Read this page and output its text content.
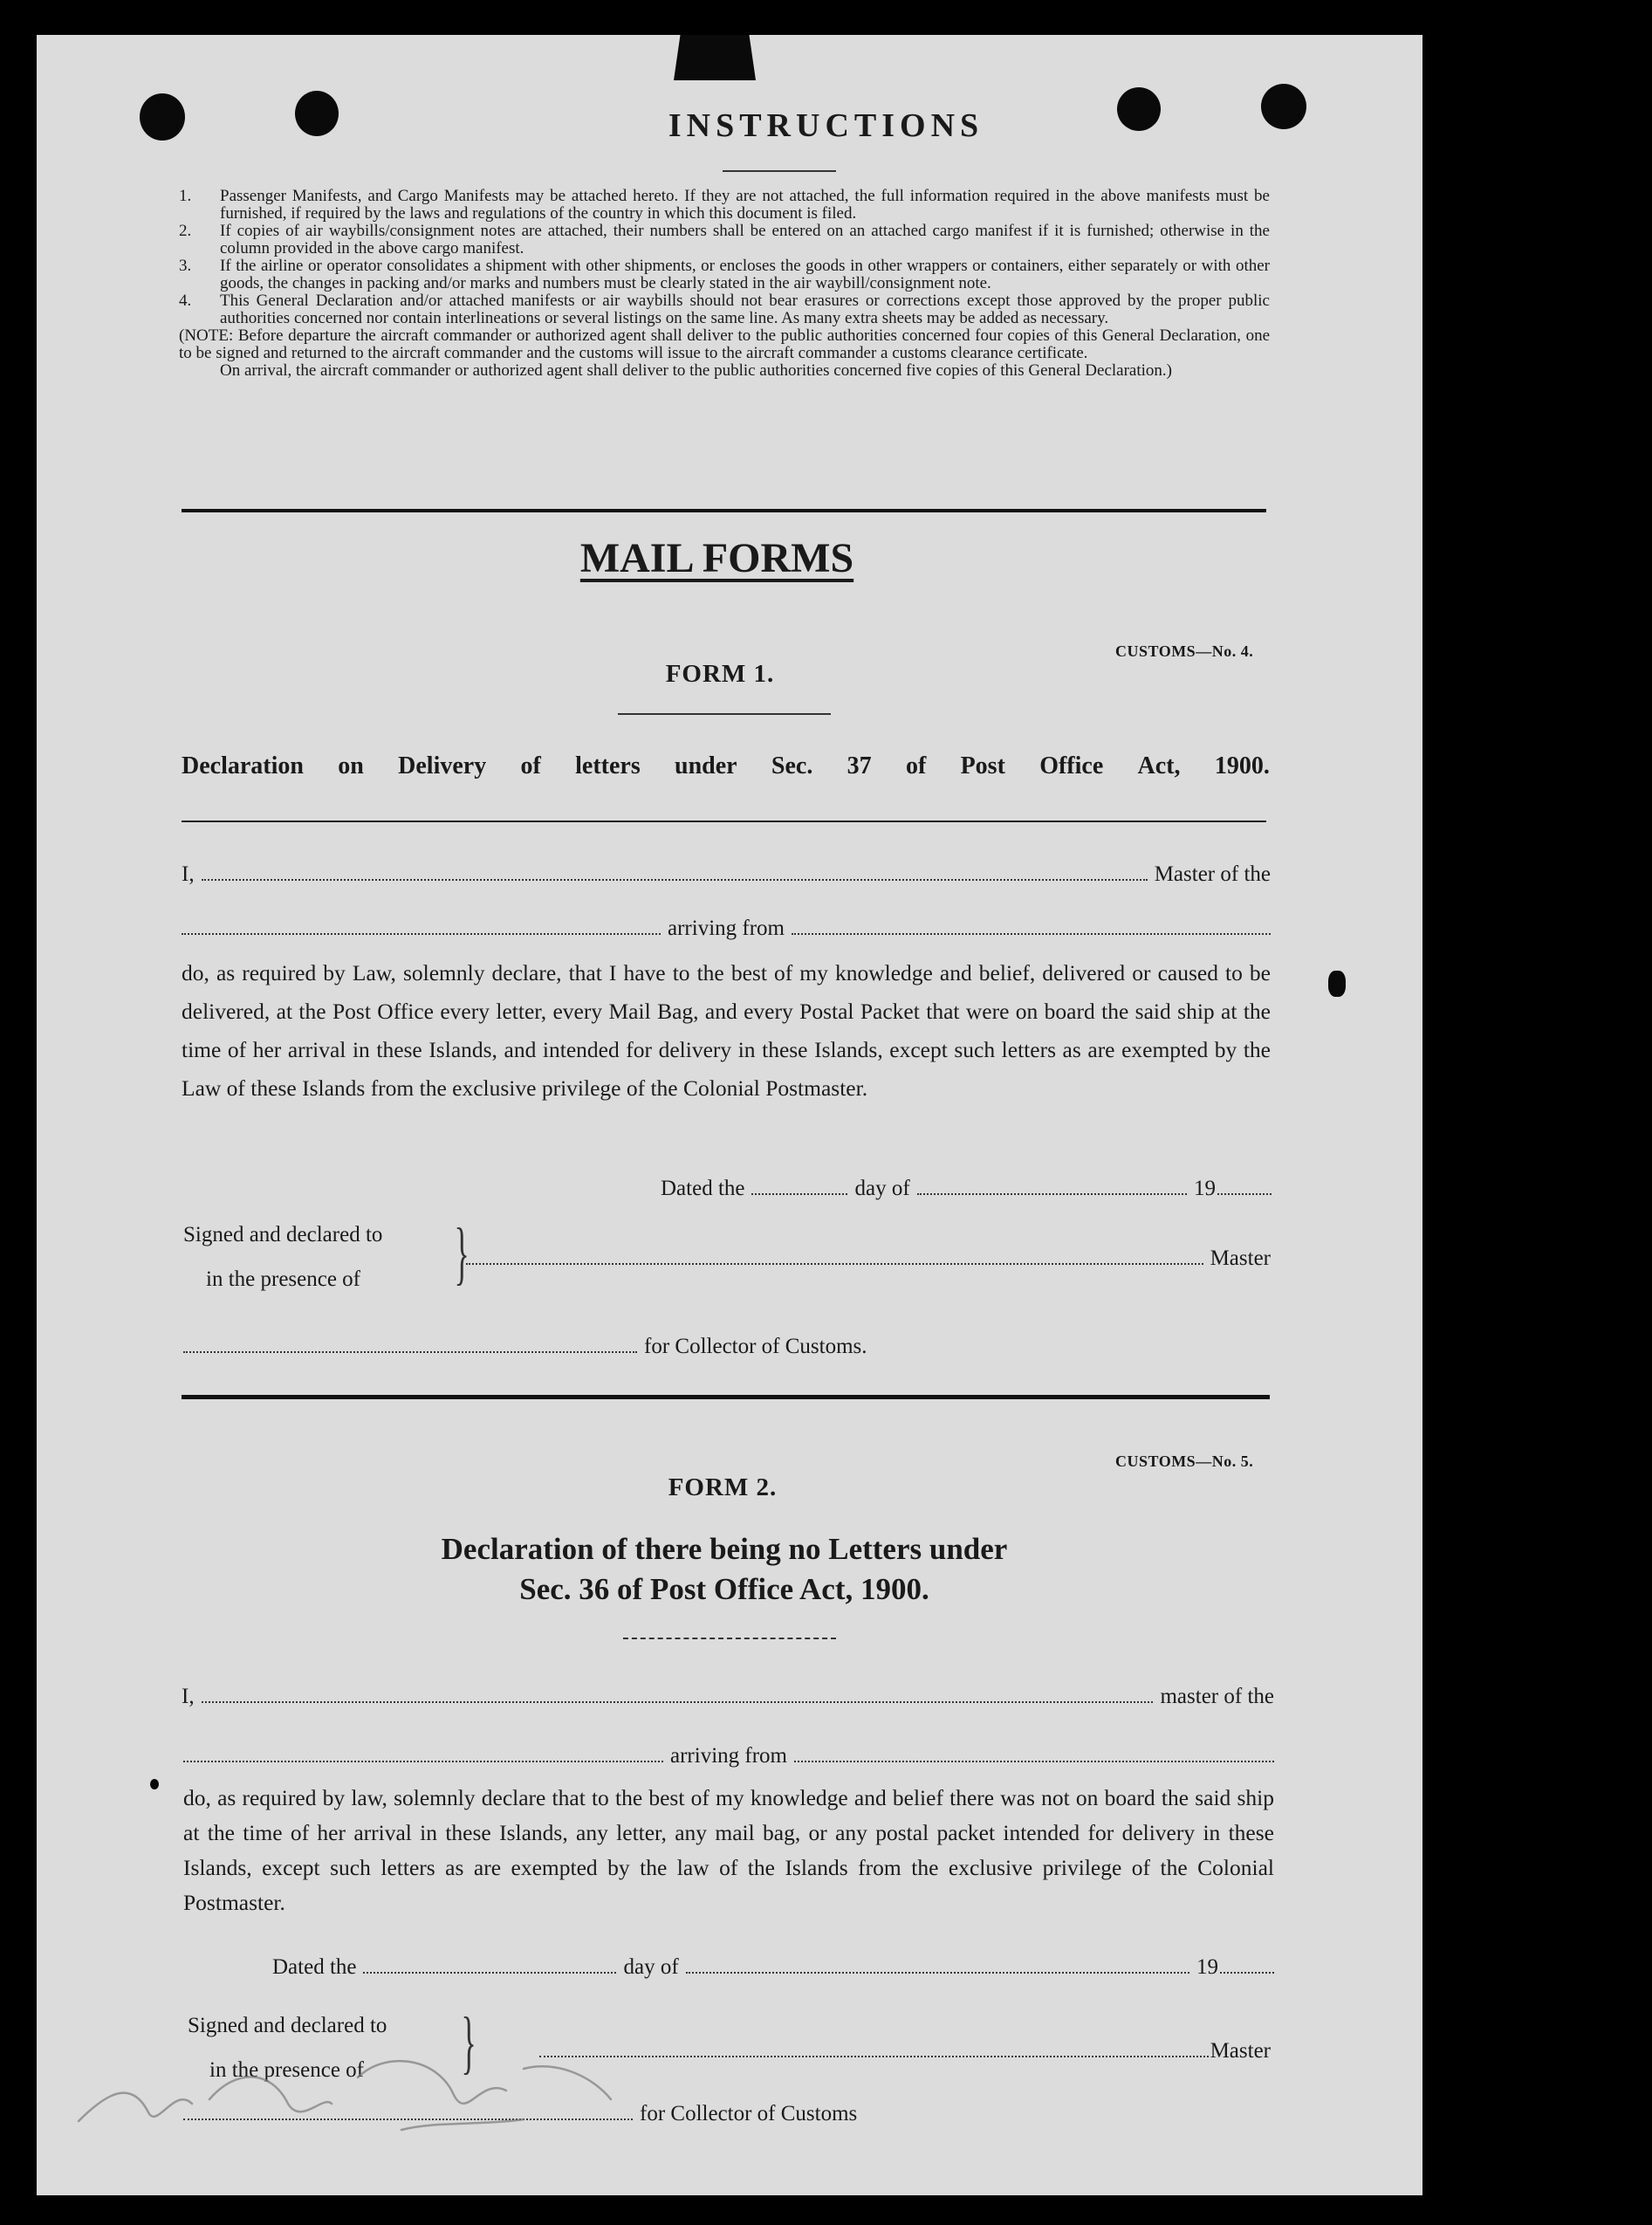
INSTRUCTIONS
1.	Passenger Manifests, and Cargo Manifests may be attached hereto. If they are not attached, the full information required in the above manifests must be furnished, if required by the laws and regulations of the country in which this document is filed.
2.	If copies of air waybills/consignment notes are attached, their numbers shall be entered on an attached cargo manifest if it is furnished; otherwise in the column provided in the above cargo manifest.
3.	If the airline or operator consolidates a shipment with other shipments, or encloses the goods in other wrappers or containers, either separately or with other goods, the changes in packing and/or marks and numbers must be clearly stated in the air waybill/consignment note.
4.	This General Declaration and/or attached manifests or air waybills should not bear erasures or corrections except those approved by the proper public authorities concerned nor contain interlineations or several listings on the same line. As many extra sheets may be added as necessary.
(NOTE: Before departure the aircraft commander or authorized agent shall deliver to the public authorities concerned four copies of this General Declaration, one to be signed and returned to the aircraft commander and the customs will issue to the aircraft commander a customs clearance certificate.
On arrival, the aircraft commander or authorized agent shall deliver to the public authorities concerned five copies of this General Declaration.)
MAIL FORMS
CUSTOMS—No. 4.
FORM 1.
Declaration on Delivery of letters under Sec. 37 of Post Office Act, 1900.
I,	Master of the
arriving from
do, as required by Law, solemnly declare, that I have to the best of my knowledge and belief, delivered or caused to be delivered, at the Post Office every letter, every Mail Bag, and every Postal Packet that were on board the said ship at the time of her arrival in these Islands, and intended for delivery in these Islands, except such letters as are exempted by the Law of these Islands from the exclusive privilege of the Colonial Postmaster.
Dated the	day of	19
Signed and declared to
in the presence of }	Master
for Collector of Customs.
CUSTOMS—No. 5.
FORM 2.
Declaration of there being no Letters under
Sec. 36 of Post Office Act, 1900.
I,	master of the
arriving from
do, as required by law, solemnly declare that to the best of my knowledge and belief there was not on board the said ship at the time of her arrival in these Islands, any letter, any mail bag, or any postal packet intended for delivery in these Islands, except such letters as are exempted by the law of the Islands from the exclusive privilege of the Colonial Postmaster.
Dated the	day of	19
Signed and declared to
in the presence of }	Master
for Collector of Customs
